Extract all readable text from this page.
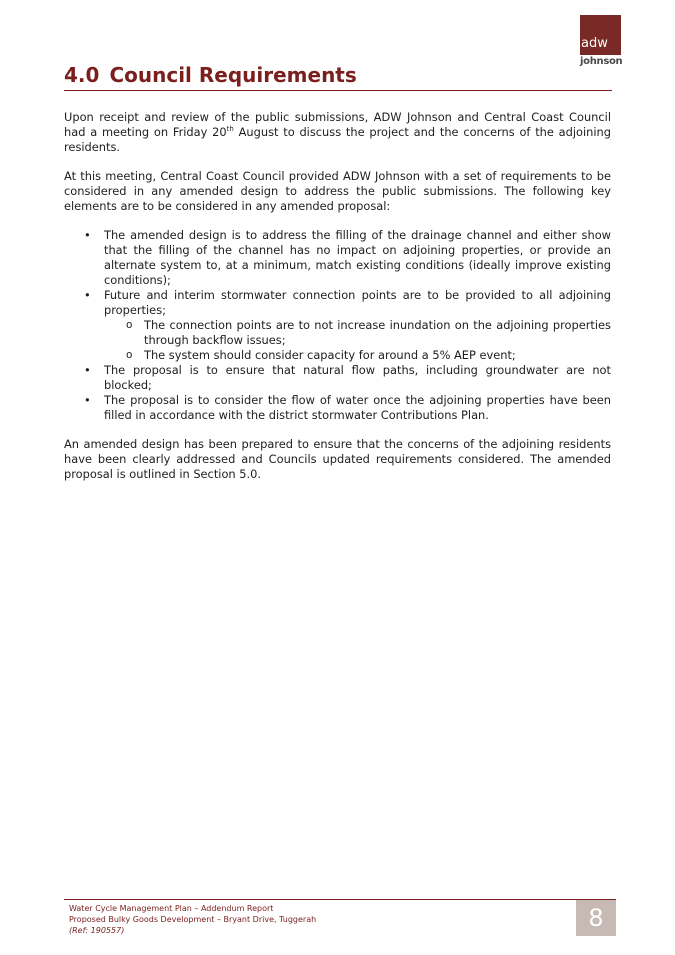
adw
johnson
4.0 Council Requirements

Upon receipt and review of the public submissions, ADW Johnson and Central Coast Council had a meeting on Friday 20th August to discuss the project and the concerns of the adjoining residents.

At this meeting, Central Coast Council provided ADW Johnson with a set of requirements to be considered in any amended design to address the public submissions. The following key elements are to be considered in any amended proposal:

• The amended design is to address the filling of the drainage channel and either show that the filling of the channel has no impact on adjoining properties, or provide an alternate system to, at a minimum, match existing conditions (ideally improve existing conditions);
• Future and interim stormwater connection points are to be provided to all adjoining properties;
o The connection points are to not increase inundation on the adjoining properties through backflow issues;
o The system should consider capacity for around a 5% AEP event;
• The proposal is to ensure that natural flow paths, including groundwater are not blocked;
• The proposal is to consider the flow of water once the adjoining properties have been filled in accordance with the district stormwater Contributions Plan.

An amended design has been prepared to ensure that the concerns of the adjoining residents have been clearly addressed and Councils updated requirements considered. The amended proposal is outlined in Section 5.0.

Water Cycle Management Plan – Addendum Report
Proposed Bulky Goods Development – Bryant Drive, Tuggerah
(Ref: 190557)	8
